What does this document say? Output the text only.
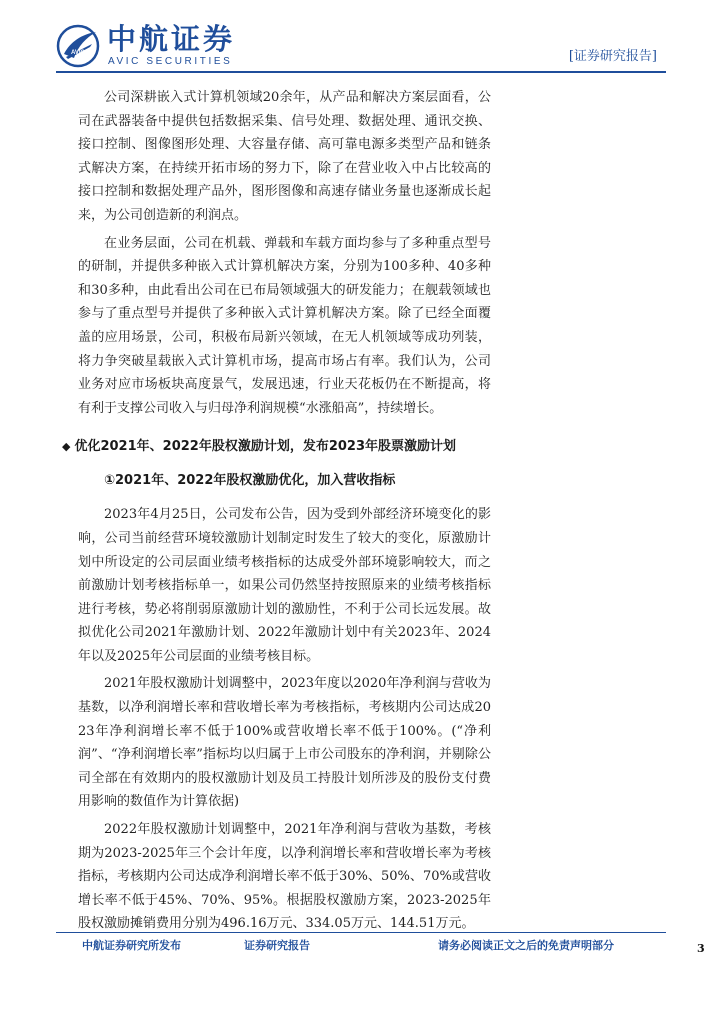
AVIC 中航证券
AVIC SECURITIES	[证券研究报告]

公司深耕嵌入式计算机领域20余年，从产品和解决方案层面看，公司在武器装备中提供包括数据采集、信号处理、数据处理、通讯交换、接口控制、图像图形处理、大容量存储、高可靠电源多类型产品和链条式解决方案，在持续开拓市场的努力下，除了在营业收入中占比较高的接口控制和数据处理产品外，图形图像和高速存储业务量也逐渐成长起来，为公司创造新的利润点。

在业务层面，公司在机载、弹载和车载方面均参与了多种重点型号的研制，并提供多种嵌入式计算机解决方案，分别为100多种、40多种和30多种，由此看出公司在已布局领域强大的研发能力；在舰载领域也参与了重点型号并提供了多种嵌入式计算机解决方案。除了已经全面覆盖的应用场景，公司，积极布局新兴领域，在无人机领域等成功列装，将力争突破星载嵌入式计算机市场，提高市场占有率。我们认为，公司业务对应市场板块高度景气，发展迅速，行业天花板仍在不断提高，将有利于支撑公司收入与归母净利润规模“水涨船高”，持续增长。

◆ 优化2021年、2022年股权激励计划，发布2023年股票激励计划
①2021年、2022年股权激励优化，加入营收指标

2023年4月25日，公司发布公告，因为受到外部经济环境变化的影响，公司当前经营环境较激励计划制定时发生了较大的变化，原激励计划中所设定的公司层面业绩考核指标的达成受外部环境影响较大，而之前激励计划考核指标单一，如果公司仍然坚持按照原来的业绩考核指标进行考核，势必将削弱原激励计划的激励性，不利于公司长远发展。故拟优化公司2021年激励计划、2022年激励计划中有关2023年、2024年以及2025年公司层面的业绩考核目标。

2021年股权激励计划调整中，2023年度以2020年净利润与营收为基数，以净利润增长率和营收增长率为考核指标，考核期内公司达成2023年净利润增长率不低于100%或营收增长率不低于100%。(“净利润”、“净利润增长率”指标均以归属于上市公司股东的净利润，并剔除公司全部在有效期内的股权激励计划及员工持股计划所涉及的股份支付费用影响的数值作为计算依据)

2022年股权激励计划调整中，2021年净利润与营收为基数，考核期为2023-2025年三个会计年度，以净利润增长率和营收增长率为考核指标，考核期内公司达成净利润增长率不低于30%、50%、70%或营收增长率不低于45%、70%、95%。根据股权激励方案，2023-2025年股权激励摊销费用分别为496.16万元、334.05万元、144.51万元。

中航证券研究所发布	证券研究报告	请务必阅读正文之后的免责声明部分	3
